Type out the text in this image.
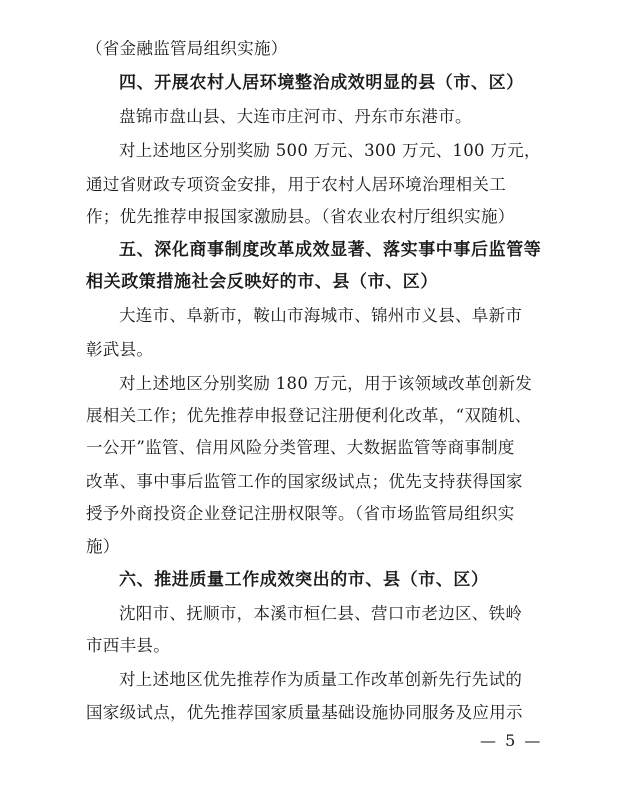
（省金融监管局组织实施）
四、开展农村人居环境整治成效明显的县（市、区）
盘锦市盘山县、大连市庄河市、丹东市东港市。
对上述地区分别奖励 500 万元、300 万元、100 万元，
通过省财政专项资金安排，用于农村人居环境治理相关工
作；优先推荐申报国家激励县。（省农业农村厅组织实施）
五、深化商事制度改革成效显著、落实事中事后监管等
相关政策措施社会反映好的市、县（市、区）
大连市、阜新市，鞍山市海城市、锦州市义县、阜新市
彰武县。
对上述地区分别奖励 180 万元，用于该领域改革创新发
展相关工作；优先推荐申报登记注册便利化改革，“双随机、
一公开”监管、信用风险分类管理、大数据监管等商事制度
改革、事中事后监管工作的国家级试点；优先支持获得国家
授予外商投资企业登记注册权限等。（省市场监管局组织实
施）
六、推进质量工作成效突出的市、县（市、区）
沈阳市、抚顺市，本溪市桓仁县、营口市老边区、铁岭
市西丰县。
对上述地区优先推荐作为质量工作改革创新先行先试的
国家级试点，优先推荐国家质量基础设施协同服务及应用示
— 5 —
